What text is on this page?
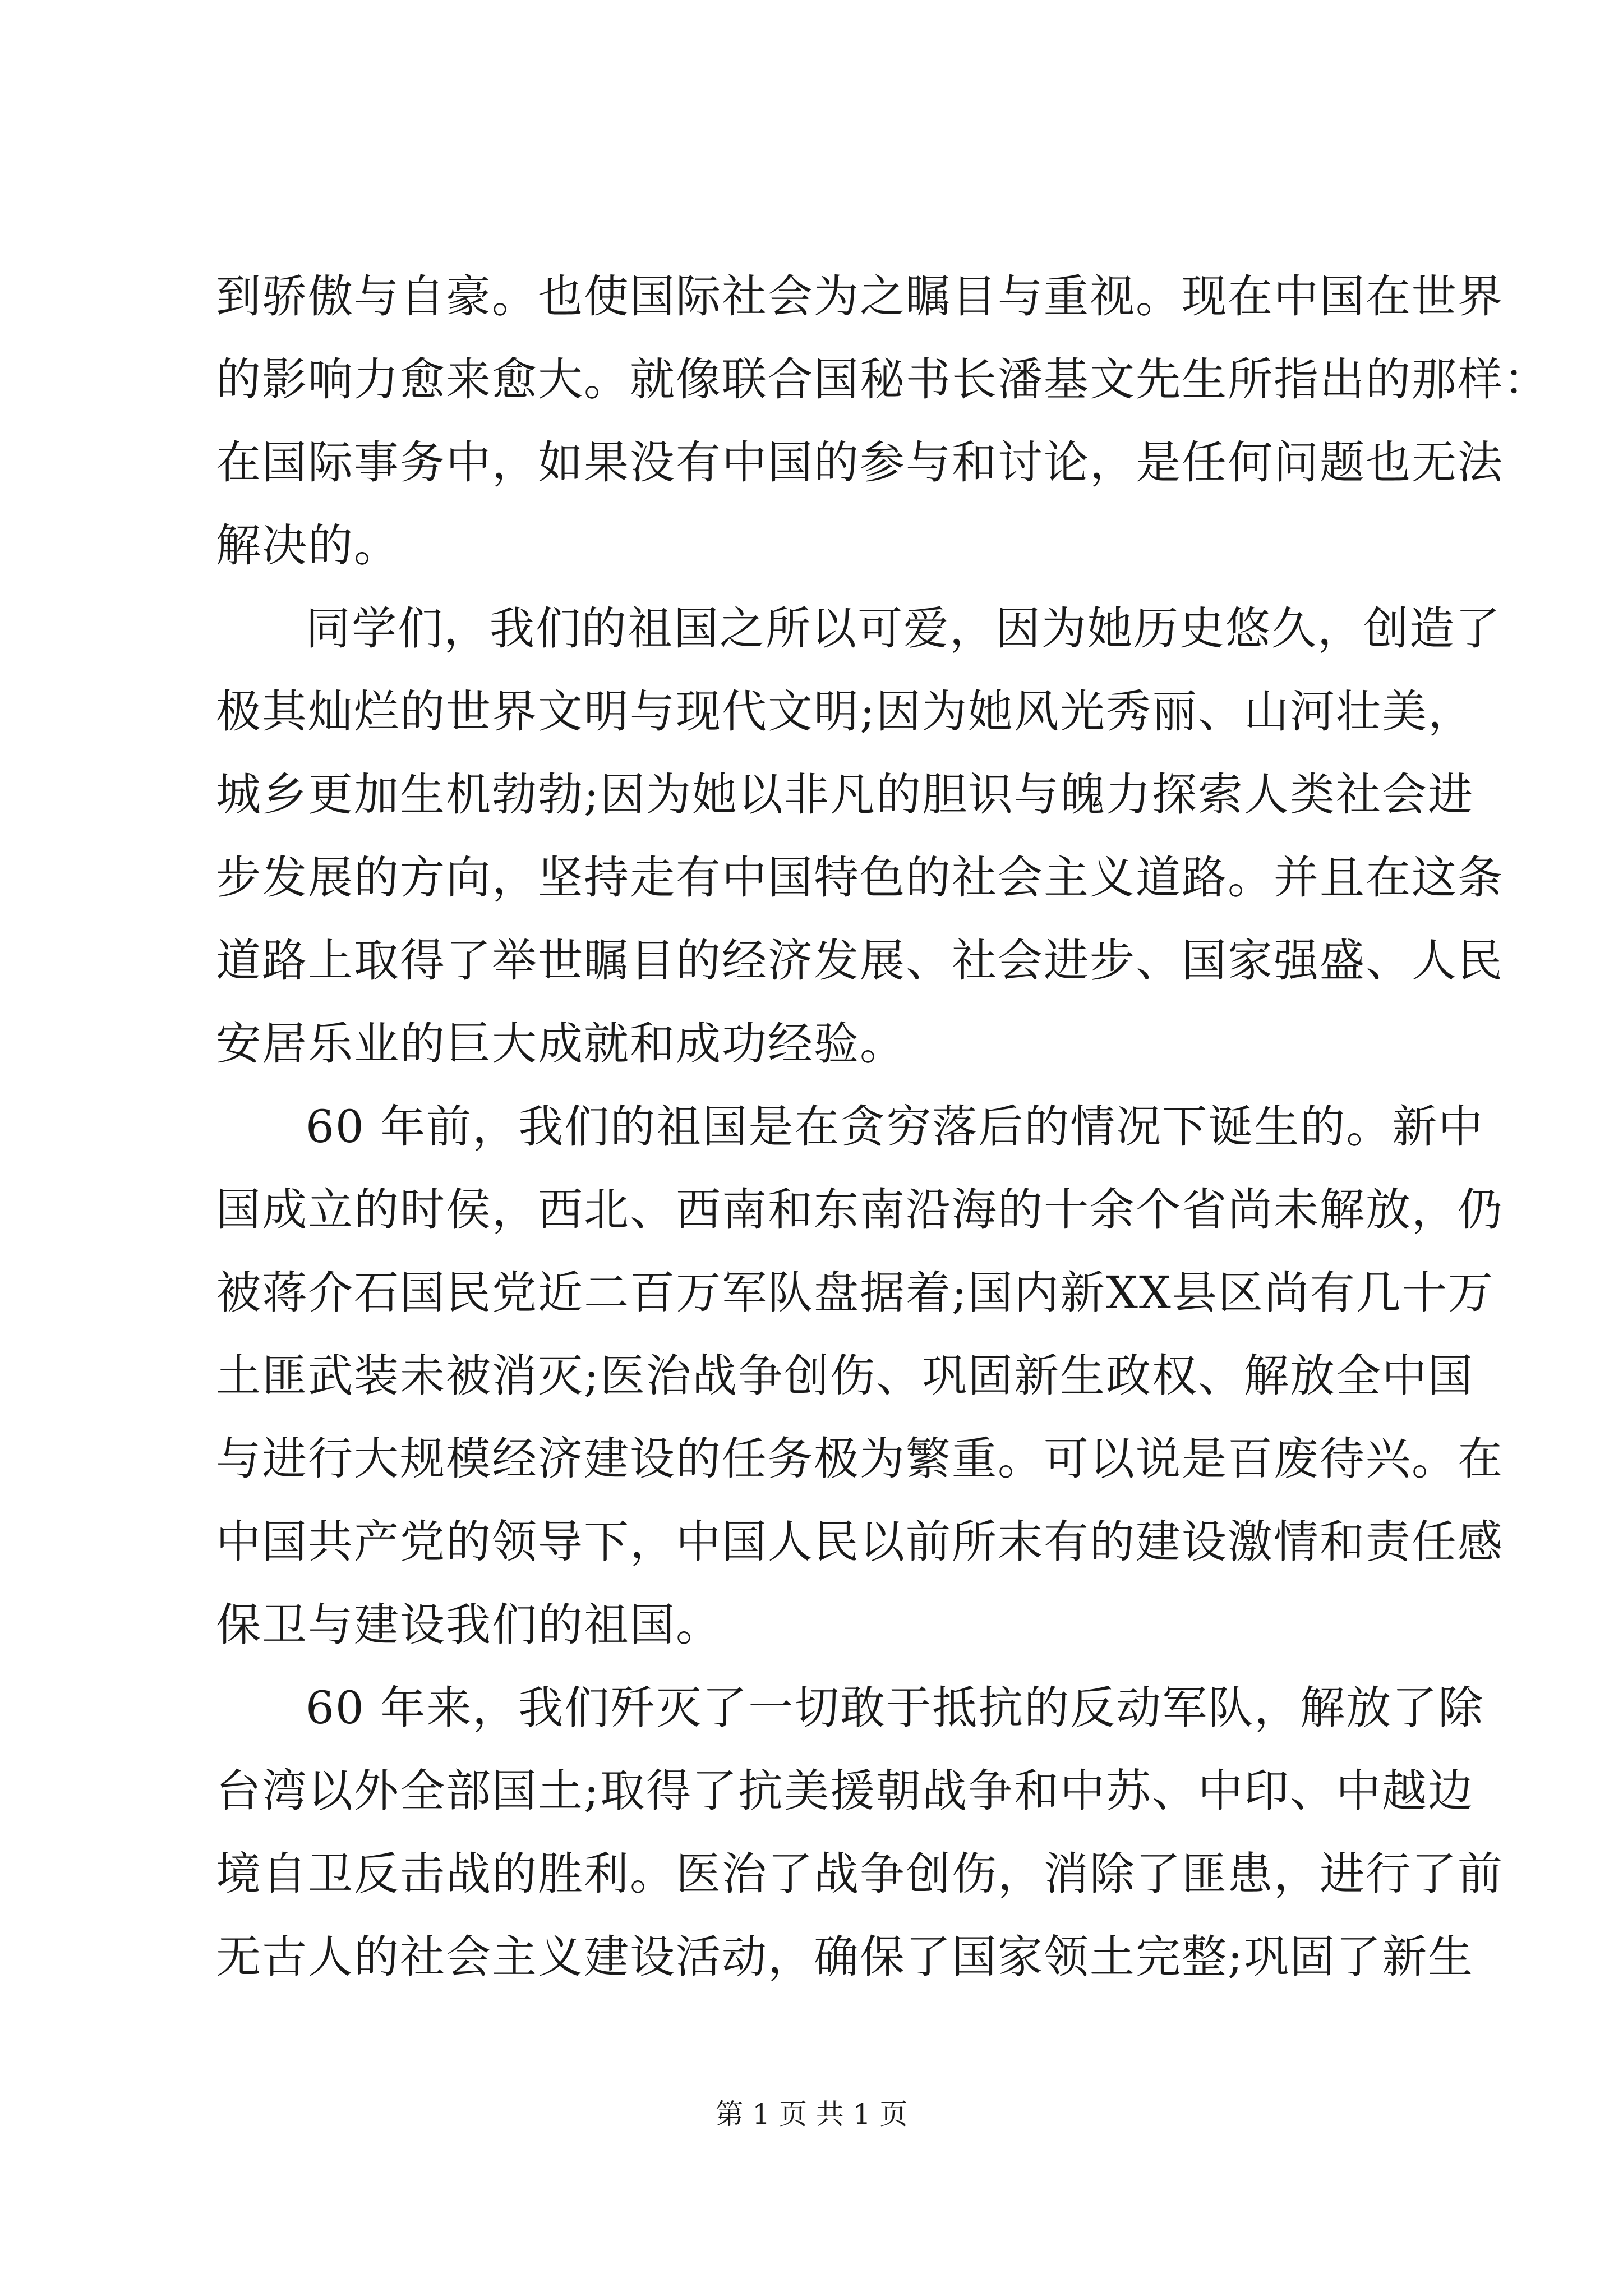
到骄傲与自豪。也使国际社会为之瞩目与重视。现在中国在世界
的影响力愈来愈大。就像联合国秘书长潘基文先生所指出的那样：
在国际事务中，如果没有中国的参与和讨论，是任何问题也无法
解决的。
同学们，我们的祖国之所以可爱，因为她历史悠久，创造了
极其灿烂的世界文明与现代文明;因为她风光秀丽、山河壮美，
城乡更加生机勃勃;因为她以非凡的胆识与魄力探索人类社会进
步发展的方向，坚持走有中国特色的社会主义道路。并且在这条
道路上取得了举世瞩目的经济发展、社会进步、国家强盛、人民
安居乐业的巨大成就和成功经验。
60 年前，我们的祖国是在贪穷落后的情况下诞生的。新中
国成立的时侯，西北、西南和东南沿海的十余个省尚未解放，仍
被蒋介石国民党近二百万军队盘据着;国内新XX县区尚有几十万
土匪武装未被消灭;医治战争创伤、巩固新生政权、解放全中国
与进行大规模经济建设的任务极为繁重。可以说是百废待兴。在
中国共产党的领导下，中国人民以前所末有的建设激情和责任感
保卫与建设我们的祖国。
60 年来，我们歼灭了一切敢于抵抗的反动军队，解放了除
台湾以外全部国土;取得了抗美援朝战争和中苏、中印、中越边
境自卫反击战的胜利。医治了战争创伤，消除了匪患，进行了前
无古人的社会主义建设活动，确保了国家领土完整;巩固了新生
第 1 页 共 1 页
